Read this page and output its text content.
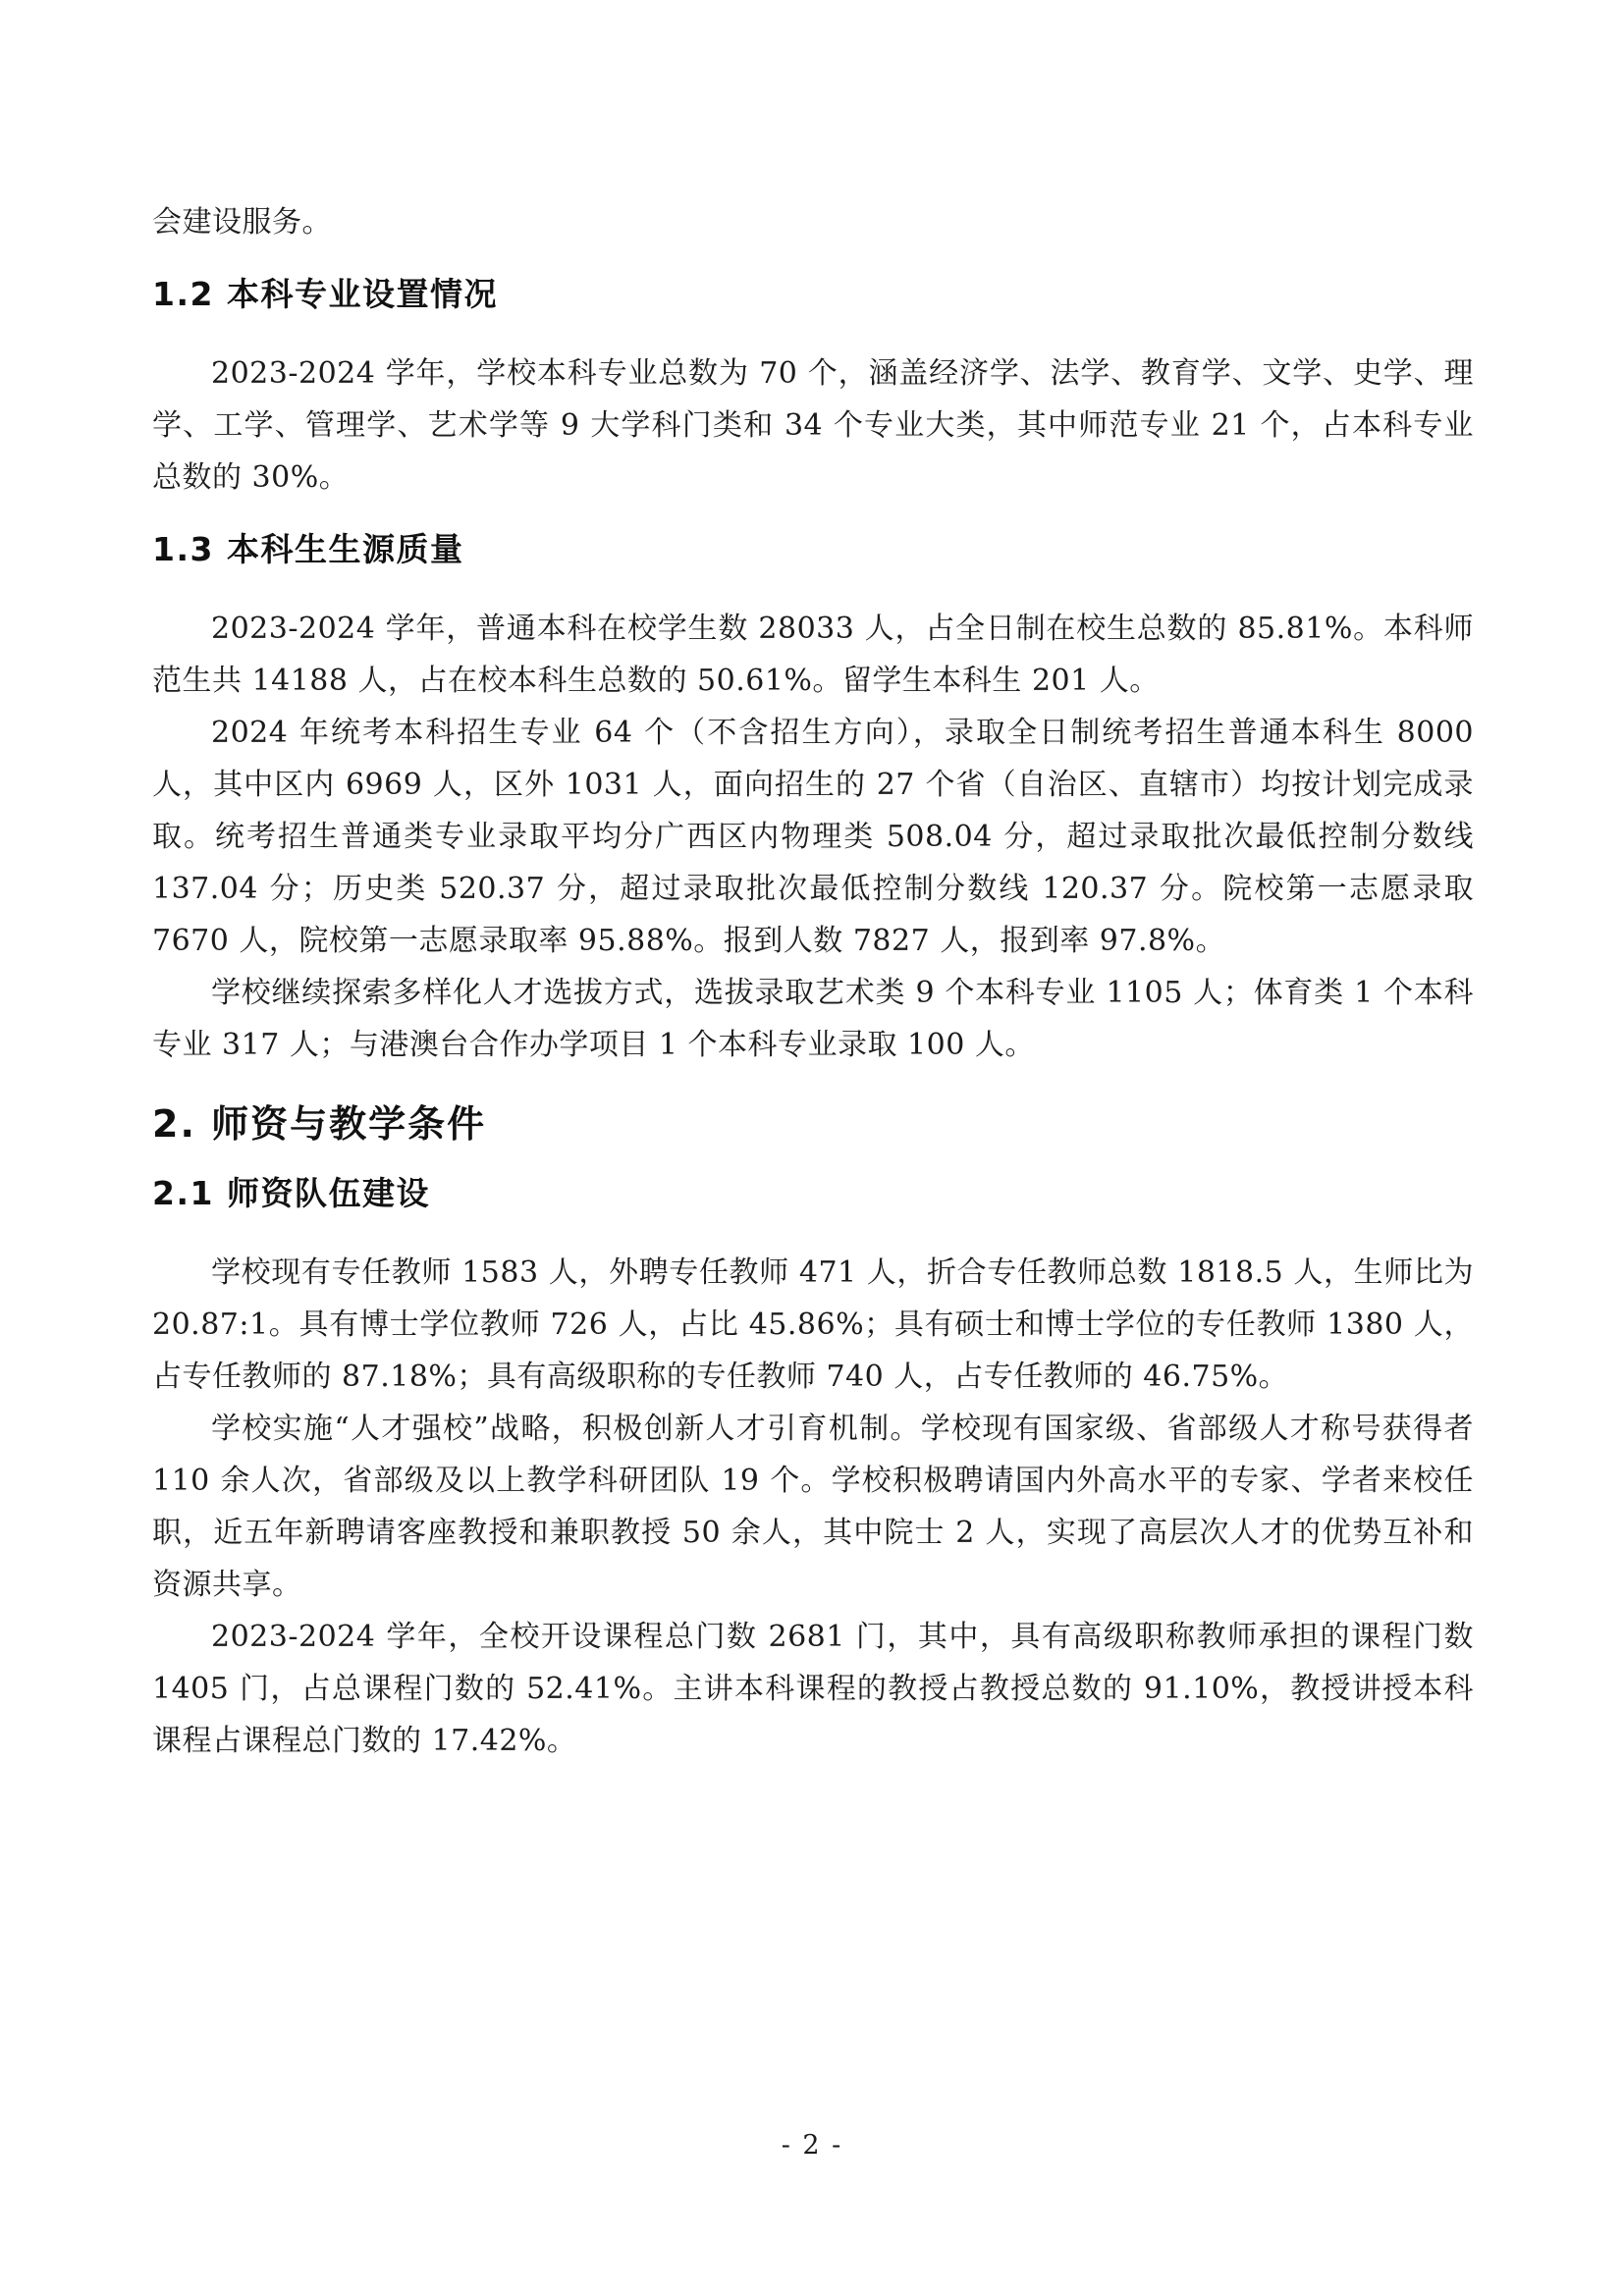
会建设服务。

1.2 本科专业设置情况

2023-2024 学年，学校本科专业总数为 70 个，涵盖经济学、法学、教育学、文学、史学、理学、工学、管理学、艺术学等 9 大学科门类和 34 个专业大类，其中师范专业 21 个，占本科专业总数的 30%。

1.3 本科生生源质量

2023-2024 学年，普通本科在校学生数 28033 人，占全日制在校生总数的 85.81%。本科师范生共 14188 人，占在校本科生总数的 50.61%。留学生本科生 201 人。

2024 年统考本科招生专业 64 个（不含招生方向），录取全日制统考招生普通本科生 8000 人，其中区内 6969 人，区外 1031 人，面向招生的 27 个省（自治区、直辖市）均按计划完成录取。统考招生普通类专业录取平均分广西区内物理类 508.04 分，超过录取批次最低控制分数线 137.04 分；历史类 520.37 分，超过录取批次最低控制分数线 120.37 分。院校第一志愿录取 7670 人，院校第一志愿录取率 95.88%。报到人数 7827 人，报到率 97.8%。

学校继续探索多样化人才选拔方式，选拔录取艺术类 9 个本科专业 1105 人；体育类 1 个本科专业 317 人；与港澳台合作办学项目 1 个本科专业录取 100 人。

2. 师资与教学条件
2.1 师资队伍建设

学校现有专任教师 1583 人，外聘专任教师 471 人，折合专任教师总数 1818.5 人，生师比为 20.87:1。具有博士学位教师 726 人，占比 45.86%；具有硕士和博士学位的专任教师 1380 人，占专任教师的 87.18%；具有高级职称的专任教师 740 人，占专任教师的 46.75%。

学校实施“人才强校”战略，积极创新人才引育机制。学校现有国家级、省部级人才称号获得者 110 余人次，省部级及以上教学科研团队 19 个。学校积极聘请国内外高水平的专家、学者来校任职，近五年新聘请客座教授和兼职教授 50 余人，其中院士 2 人，实现了高层次人才的优势互补和资源共享。

2023-2024 学年，全校开设课程总门数 2681 门，其中，具有高级职称教师承担的课程门数 1405 门，占总课程门数的 52.41%。主讲本科课程的教授占教授总数的 91.10%，教授讲授本科课程占课程总门数的 17.42%。

- 2 -
